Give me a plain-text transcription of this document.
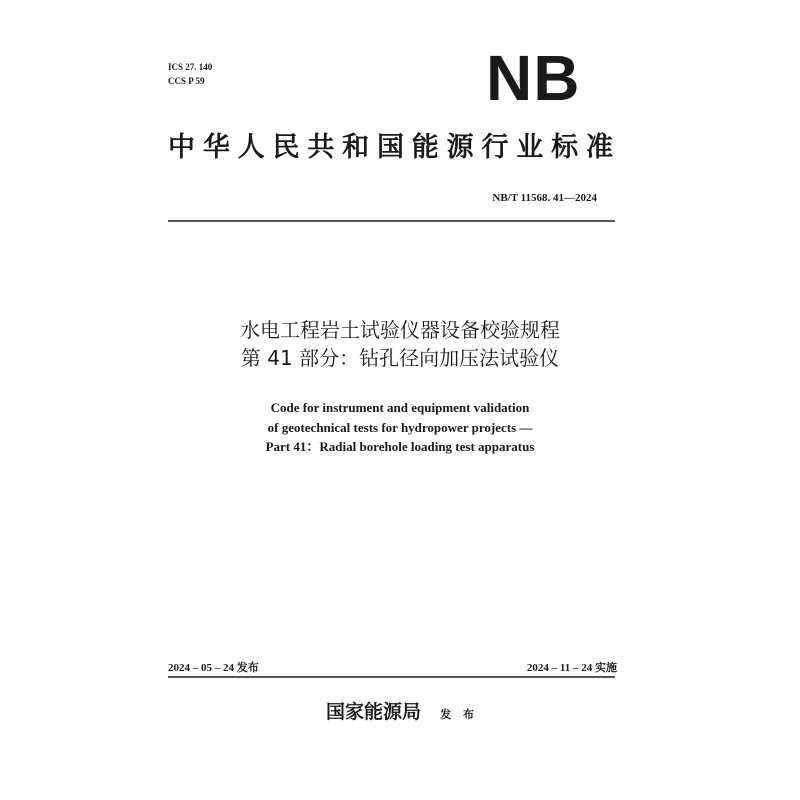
ICS 27. 140
CCS P 59	NB
中 华 人 民 共 和 国 能 源 行 业 标 准
NB/T 11568. 41—2024
水电工程岩土试验仪器设备校验规程
第 41 部分：钻孔径向加压法试验仪
Code for instrument and equipment validation
of geotechnical tests for hydropower projects —
Part 41：Radial borehole loading test apparatus
2024 – 05 – 24 发布	2024 – 11 – 24 实施
国家能源局 发 布
